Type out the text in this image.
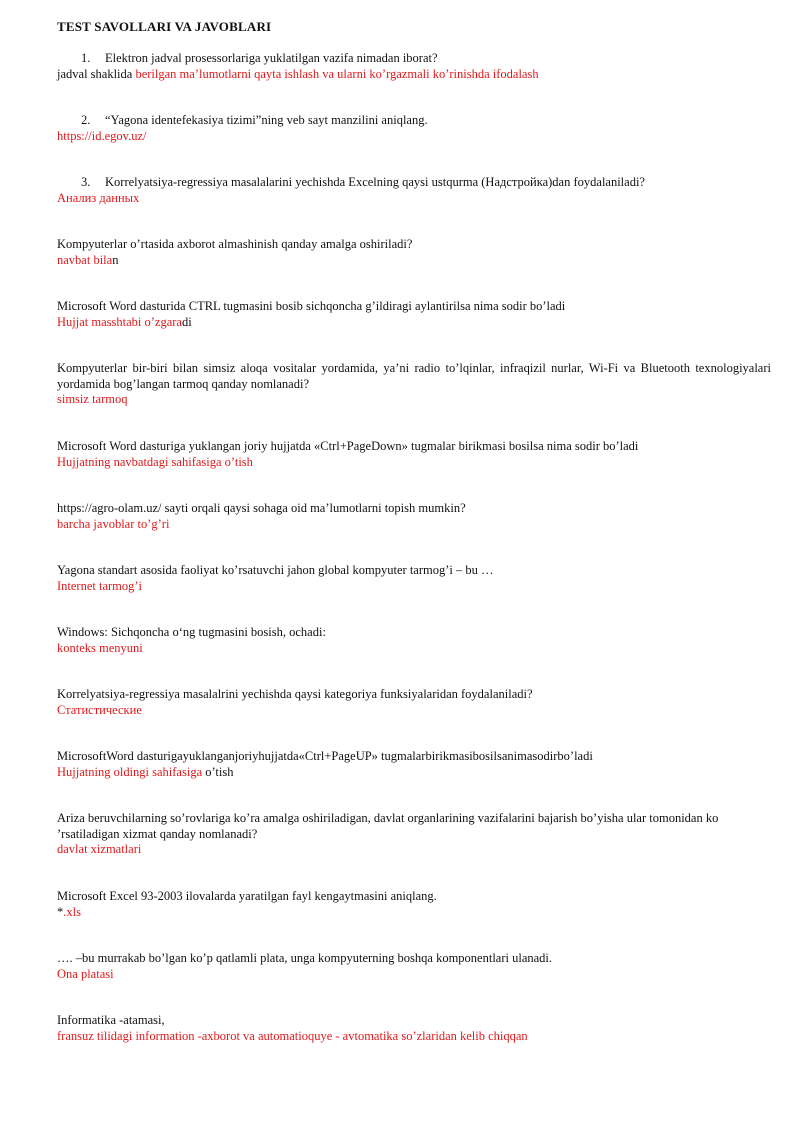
TEST SAVOLLARI VA JAVOBLARI
1. Elektron jadval prosessorlariga yuklatilgan vazifa nimadan iborat?
jadval shaklida berilgan ma’lumotlarni qayta ishlash va ularni ko’rgazmali ko’rinishda ifodalash
2. “Yagona identefekasiya tizimi”ning veb sayt manzilini aniqlang.
https://id.egov.uz/
3. Korrelyatsiya-regressiya masalalarini yechishda Excelning qaysi ustqurma (Надстройка)dan foydalaniladi?
Анализ данных
Kompyuterlar o’rtasida axborot almashinish qanday amalga oshiriladi?
navbat bilan
Microsoft Word dasturida CTRL tugmasini bosib sichqoncha g’ildiragi aylantirilsa nima sodir bo’ladi
Hujjat masshtabi o’zgaradi
Kompyuterlar bir-biri bilan simsiz aloqa vositalar yordamida, ya’ni radio to’lqinlar, infraqizil nurlar, Wi-Fi va Bluetooth texnologiyalari yordamida bog’langan tarmoq qanday nomlanadi?
simsiz tarmoq
Microsoft Word dasturiga yuklangan joriy hujjatda «Ctrl+PageDown» tugmalar birikmasi bosilsa nima sodir bo’ladi
Hujjatning navbatdagi sahifasiga o’tish
https://agro-olam.uz/ sayti orqali qaysi sohaga oid ma’lumotlarni topish mumkin?
barcha javoblar to’g’ri
Yagona standart asosida faoliyat ko’rsatuvchi jahon global kompyuter tarmog’i – bu …
Internet tarmog’i
Windows: Sichqoncha o‘ng tugmasini bosish, ochadi:
konteks menyuni
Korrelyatsiya-regressiya masalalrini yechishda qaysi kategoriya funksiyalaridan foydalaniladi?
Статистические
MicrosoftWord dasturigayuklanganjoriyhujjatda«Ctrl+PageUP» tugmalarbirikmasibosilsanimasodirbo’ladi
Hujjatning oldingi sahifasiga o’tish
Ariza beruvchilarning so’rovlariga ko’ra amalga oshiriladigan, davlat organlarining vazifalarini bajarish bo’yisha ular tomonidan ko ’rsatiladigan xizmat qanday nomlanadi?
davlat xizmatlari
Microsoft Excel 93-2003 ilovalarda yaratilgan fayl kengaytmasini aniqlang.
*.xls
…. –bu murrakab bo’lgan ko’p qatlamli plata, unga kompyuterning boshqa komponentlari ulanadi.
Ona platasi
Informatika -atamasi,
fransuz tilidagi information -axborot va automatioquye - avtomatika so’zlaridan kelib chiqqan
